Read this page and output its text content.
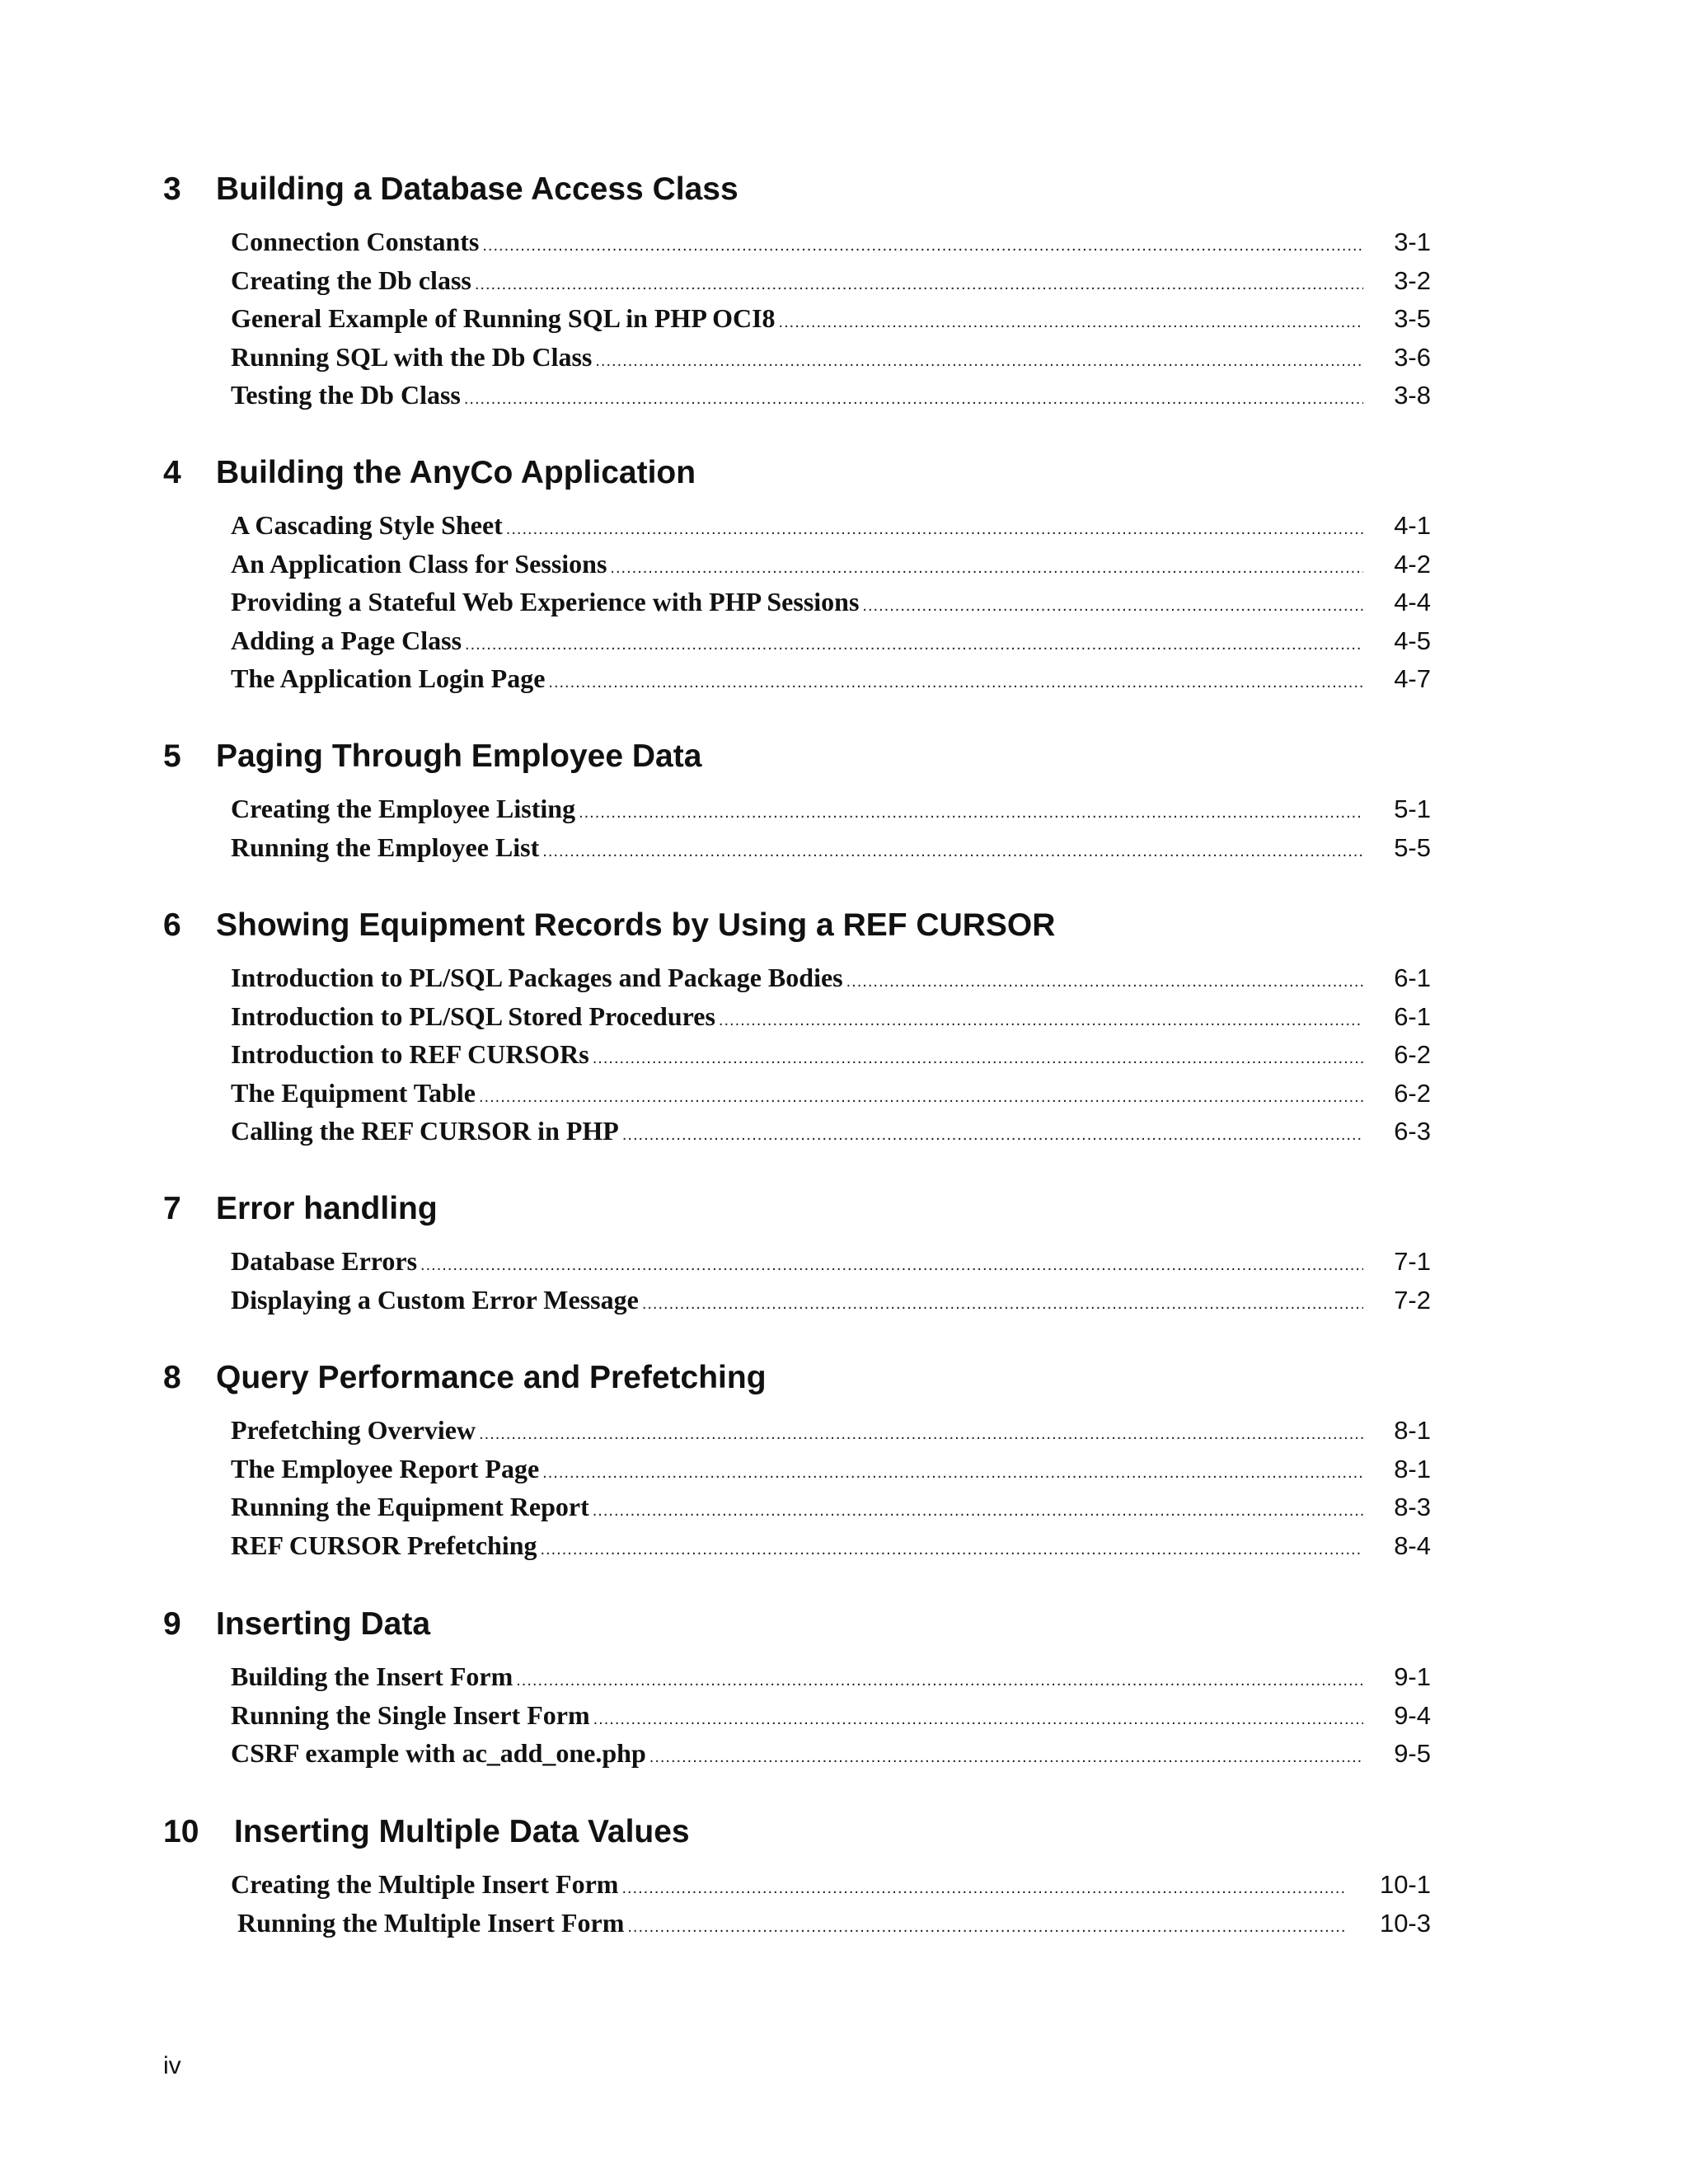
3 Building a Database Access Class
Connection Constants .....	3-1
Creating the Db class .....	3-2
General Example of Running SQL in PHP OCI8 .....	3-5
Running SQL with the Db Class .....	3-6
Testing the Db Class .....	3-8
4 Building the AnyCo Application
A Cascading Style Sheet .....	4-1
An Application Class for Sessions .....	4-2
Providing a Stateful Web Experience with PHP Sessions .....	4-4
Adding a Page Class .....	4-5
The Application Login Page .....	4-7
5 Paging Through Employee Data
Creating the Employee Listing .....	5-1
Running the Employee List .....	5-5
6 Showing Equipment Records by Using a REF CURSOR
Introduction to PL/SQL Packages and Package Bodies .....	6-1
Introduction to PL/SQL Stored Procedures .....	6-1
Introduction to REF CURSORs .....	6-2
The Equipment Table .....	6-2
Calling the REF CURSOR in PHP .....	6-3
7 Error handling
Database Errors .....	7-1
Displaying a Custom Error Message .....	7-2
8 Query Performance and Prefetching
Prefetching Overview .....	8-1
The Employee Report Page .....	8-1
Running the Equipment Report .....	8-3
REF CURSOR Prefetching .....	8-4
9 Inserting Data
Building the Insert Form .....	9-1
Running the Single Insert Form .....	9-4
CSRF example with ac_add_one.php .....	9-5
10 Inserting Multiple Data Values
Creating the Multiple Insert Form .....	10-1
Running the Multiple Insert Form .....	10-3
iv
